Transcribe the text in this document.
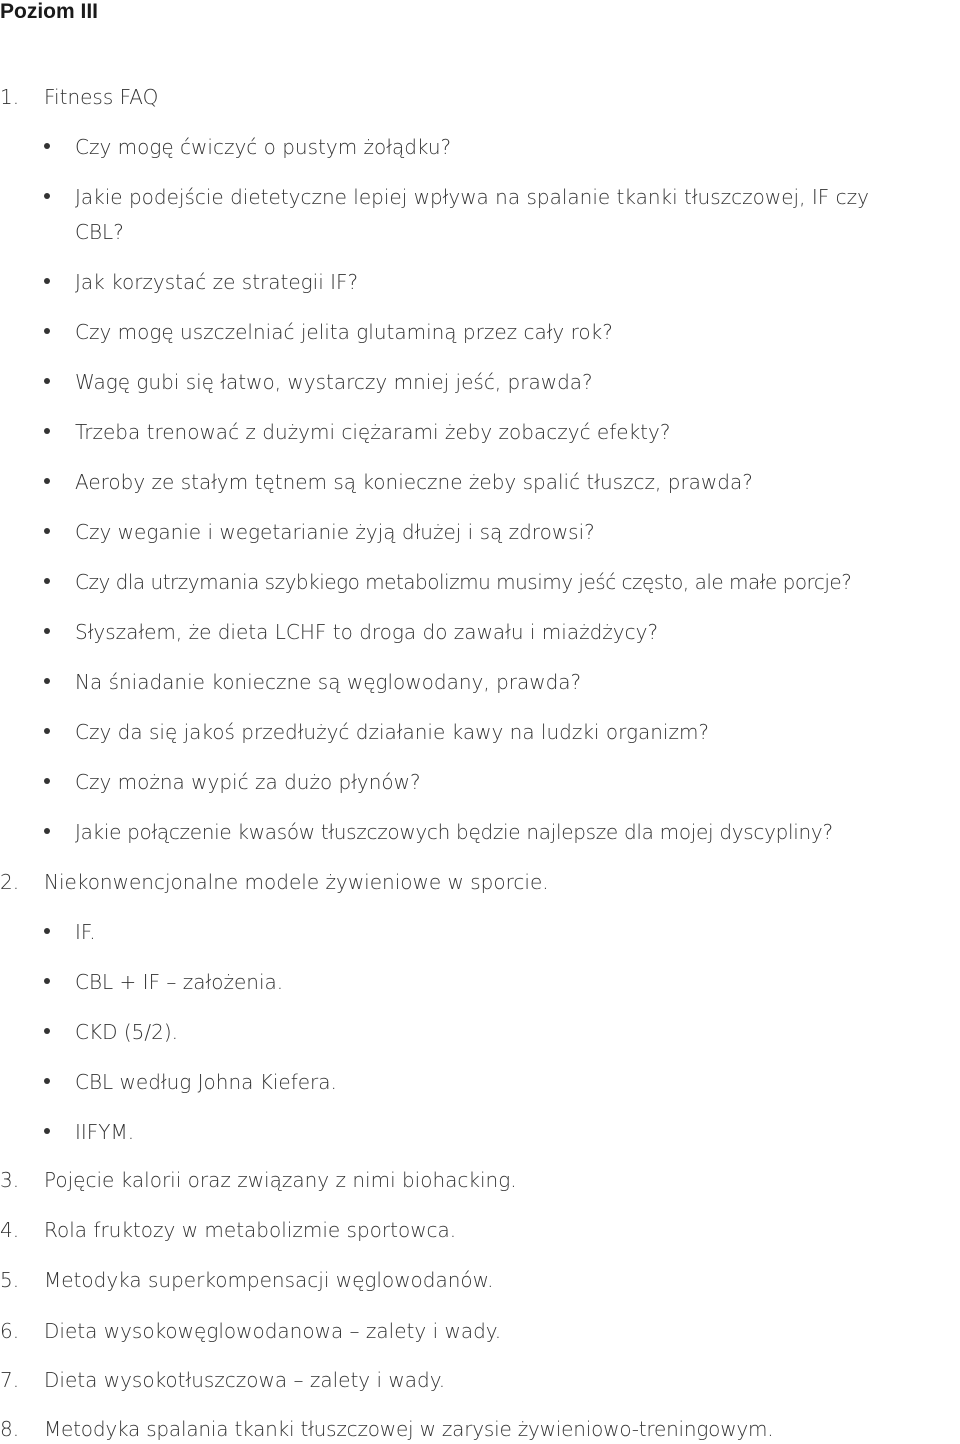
Poziom III
1. Fitness FAQ
Czy mogę ćwiczyć o pustym żołądku?
Jakie podejście dietetyczne lepiej wpływa na spalanie tkanki tłuszczowej, IF czy
CBL?
Jak korzystać ze strategii IF?
Czy mogę uszczelniać jelita glutaminą przez cały rok?
Wagę gubi się łatwo, wystarczy mniej jeść, prawda?
Trzeba trenować z dużymi ciężarami żeby zobaczyć efekty?
Aeroby ze stałym tętnem są konieczne żeby spalić tłuszcz, prawda?
Czy weganie i wegetarianie żyją dłużej i są zdrowsi?
Czy dla utrzymania szybkiego metabolizmu musimy jeść często, ale małe porcje?
Słyszałem, że dieta LCHF to droga do zawału i miażdżycy?
Na śniadanie konieczne są węglowodany, prawda?
Czy da się jakoś przedłużyć działanie kawy na ludzki organizm?
Czy można wypić za dużo płynów?
Jakie połączenie kwasów tłuszczowych będzie najlepsze dla mojej dyscypliny?
2. Niekonwencjonalne modele żywieniowe w sporcie.
IF.
CBL + IF – założenia.
CKD (5/2).
CBL według Johna Kiefera.
IIFYM.
3. Pojęcie kalorii oraz związany z nimi biohacking.
4. Rola fruktozy w metabolizmie sportowca.
5. Metodyka superkompensacji węglowodanów.
6. Dieta wysokowęglowodanowa – zalety i wady.
7. Dieta wysokotłuszczowa – zalety i wady.
8. Metodyka spalania tkanki tłuszczowej w zarysie żywieniowo-treningowym.
